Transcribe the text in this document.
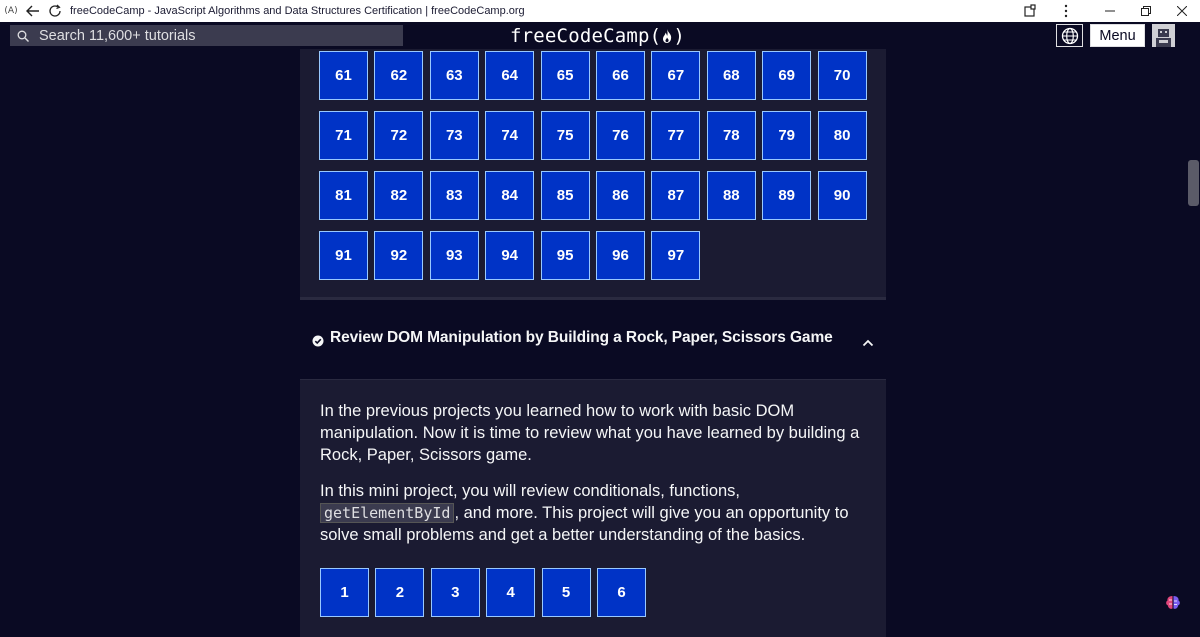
(A)	freeCodeCamp - JavaScript Algorithms and Data Structures Certification | freeCodeCamp.org
Search 11,600+ tutorials
freeCodeCamp ( )	Menu
61	62	63	64	65	66	67	68	69	70
71	72	73	74	75	76	77	78	79	80
81	82	83	84	85	86	87	88	89	90
91	92	93	94	95	96	97
Review DOM Manipulation by Building a Rock, Paper, Scissors Game

In the previous projects you learned how to work with basic DOM manipulation. Now it is time to review what you have learned by building a Rock, Paper, Scissors game.

In this mini project, you will review conditionals, functions,
getElementById , and more. This project will give you an opportunity to solve small problems and get a better understanding of the basics.

1	2	3	4	5	6
